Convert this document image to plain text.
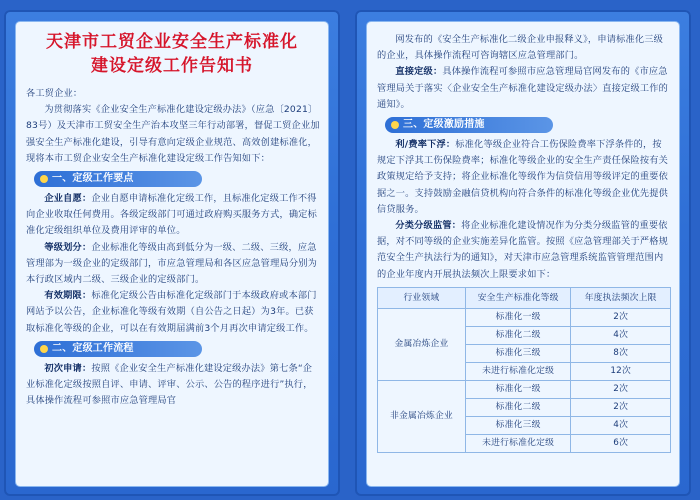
天津市工贸企业安全生产标准化
建设定级工作告知书

各工贸企业：

为贯彻落实《企业安全生产标准化建设定级办法》（应急〔2021〕83号）及天津市工贸安全生产治本攻坚三年行动部署，督促工贸企业加强安全生产标准化建设，引导有意向定级企业规范、高效创建标准化，现将本市工贸企业安全生产标准化建设定级工作告知如下：

一、定级工作要点

企业自愿：企业自愿申请标准化定级工作，且标准化定级工作不得向企业收取任何费用。各级定级部门可通过政府购买服务方式，确定标准化定级组织单位及费用评审的单位。

等级划分：企业标准化等级由高到低分为一级、二级、三级，应急管理部为一级企业的定级部门，市应急管理局和各区应急管理局分别为本行政区域内二级、三级企业的定级部门。

有效期限：标准化定级公告由标准化定级部门于本级政府或本部门网站予以公告，企业标准化等级有效期（自公告之日起）为3年。已获取标准化等级的企业，可以在有效期届满前3个月再次申请定级工作。

二、定级工作流程

初次申请：按照《企业安全生产标准化建设定级办法》第七条“企业标准化定级按照自评、申请、评审、公示、公告的程序进行”执行，具体操作流程可参照市应急管理局官

网发布的《安全生产标准化二级企业申报释义》，申请标准化三级的企业，具体操作流程可咨询辖区应急管理部门。

直接定级：具体操作流程可参照市应急管理局官网发布的《市应急管理局关于落实〈企业安全生产标准化建设定级办法〉直接定级工作的通知》。

三、定级激励措施

利/费率下浮：标准化等级企业符合工伤保险费率下浮条件的，按规定下浮其工伤保险费率；标准化等级企业的安全生产责任保险按有关政策规定给予支持；将企业标准化等级作为信贷信用等级评定的重要依据之一。支持鼓励金融信贷机构向符合条件的标准化等级企业优先提供信贷服务。

分类分级监管：将企业标准化建设情况作为分类分级监管的重要依据，对不同等级的企业实施差异化监管。按照《应急管理部关于严格规范安全生产执法行为的通知》，对天津市应急管理系统监管管理范围内的企业年度内开展执法频次上限要求如下：

行业领域	安全生产标准化等级	年度执法频次上限
金属冶炼企业	标准化一级	2次
	标准化二级	4次
	标准化三级	8次
	未进行标准化定级	12次
非金属冶炼企业	标准化一级	2次
	标准化二级	2次
	标准化三级	4次
	未进行标准化定级	6次
